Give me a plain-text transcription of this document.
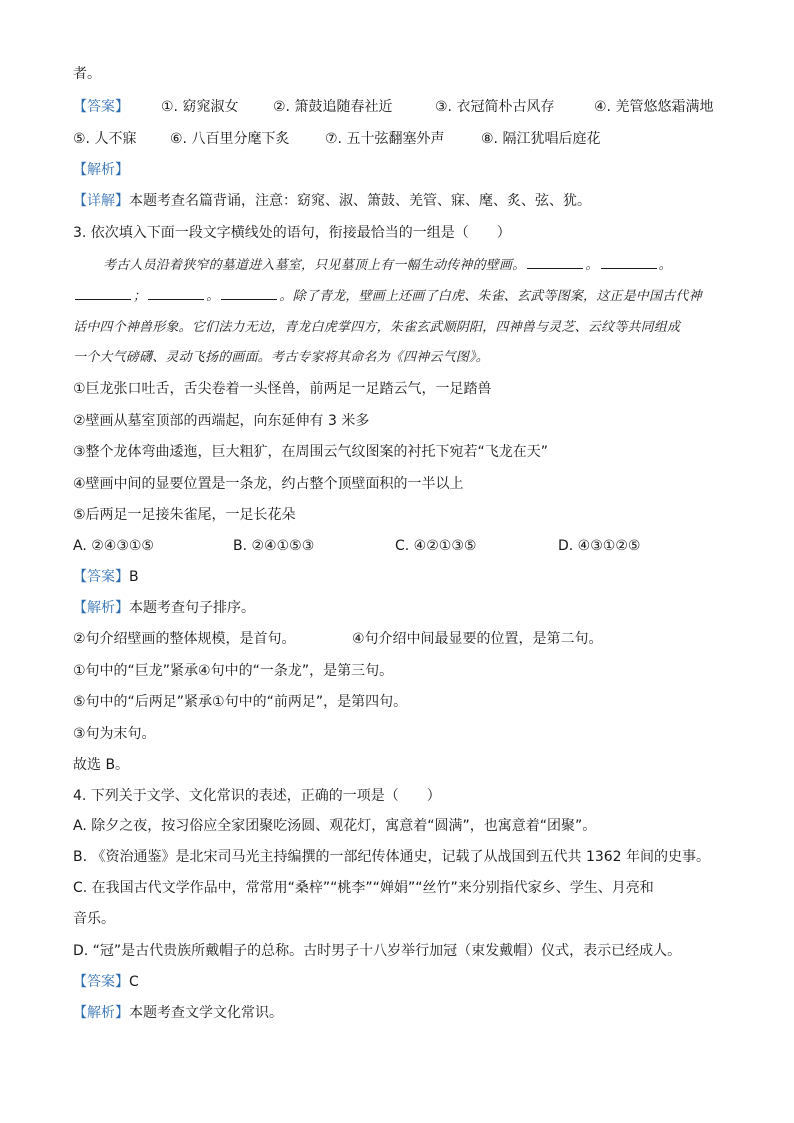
者。
【答案】 ①. 窈窕淑女 ②. 箫鼓追随春社近	③. 衣冠简朴古风存	④. 羌管悠悠霜满地
⑤. 人不寐 ⑥. 八百里分麾下炙	⑦. 五十弦翻塞外声	⑧. 隔江犹唱后庭花
【解析】
【详解】本题考查名篇背诵，注意：窈窕、淑、箫鼓、羌管、寐、麾、炙、弦、犹。
3. 依次填入下面一段文字横线处的语句，衔接最恰当的一组是（　　）
考古人员沿着狭窄的墓道进入墓室，只见墓顶上有一幅生动传神的壁画。	。	。
；	。	。除了青龙，壁画上还画了白虎、朱雀、玄武等图案，这正是中国古代神
话中四个神兽形象。它们法力无边，青龙白虎掌四方，朱雀玄武顺阴阳，四神兽与灵芝、云纹等共同组成
一个大气磅礴、灵动飞扬的画面。考古专家将其命名为《四神云气图》。
①巨龙张口吐舌，舌尖卷着一头怪兽，前两足一足踏云气，一足踏兽
②壁画从墓室顶部的西端起，向东延伸有 3 米多
③整个龙体弯曲逶迤，巨大粗犷，在周围云气纹图案的衬托下宛若“飞龙在天”
④壁画中间的显要位置是一条龙，约占整个顶壁面积的一半以上
⑤后两足一足接朱雀尾，一足长花朵
A. ②④③①⑤	B. ②④①⑤③	C. ④②①③⑤	D. ④③①②⑤
【答案】B
【解析】本题考查句子排序。
②句介绍壁画的整体规模，是首句。	④句介绍中间最显要的位置，是第二句。
①句中的“巨龙”紧承④句中的“一条龙”，是第三句。
⑤句中的“后两足”紧承①句中的“前两足”，是第四句。
③句为末句。
故选 B。
4. 下列关于文学、文化常识的表述，正确的一项是（　　）
A. 除夕之夜，按习俗应全家团聚吃汤圆、观花灯，寓意着“圆满”，也寓意着“团聚”。
B. 《资治通鉴》是北宋司马光主持编撰的一部纪传体通史，记载了从战国到五代共 1362 年间的史事。
C. 在我国古代文学作品中，常常用“桑梓”“桃李”“婵娟”“丝竹”来分别指代家乡、学生、月亮和
音乐。
D. “冠”是古代贵族所戴帽子的总称。古时男子十八岁举行加冠（束发戴帽）仪式，表示已经成人。
【答案】C
【解析】本题考查文学文化常识。
